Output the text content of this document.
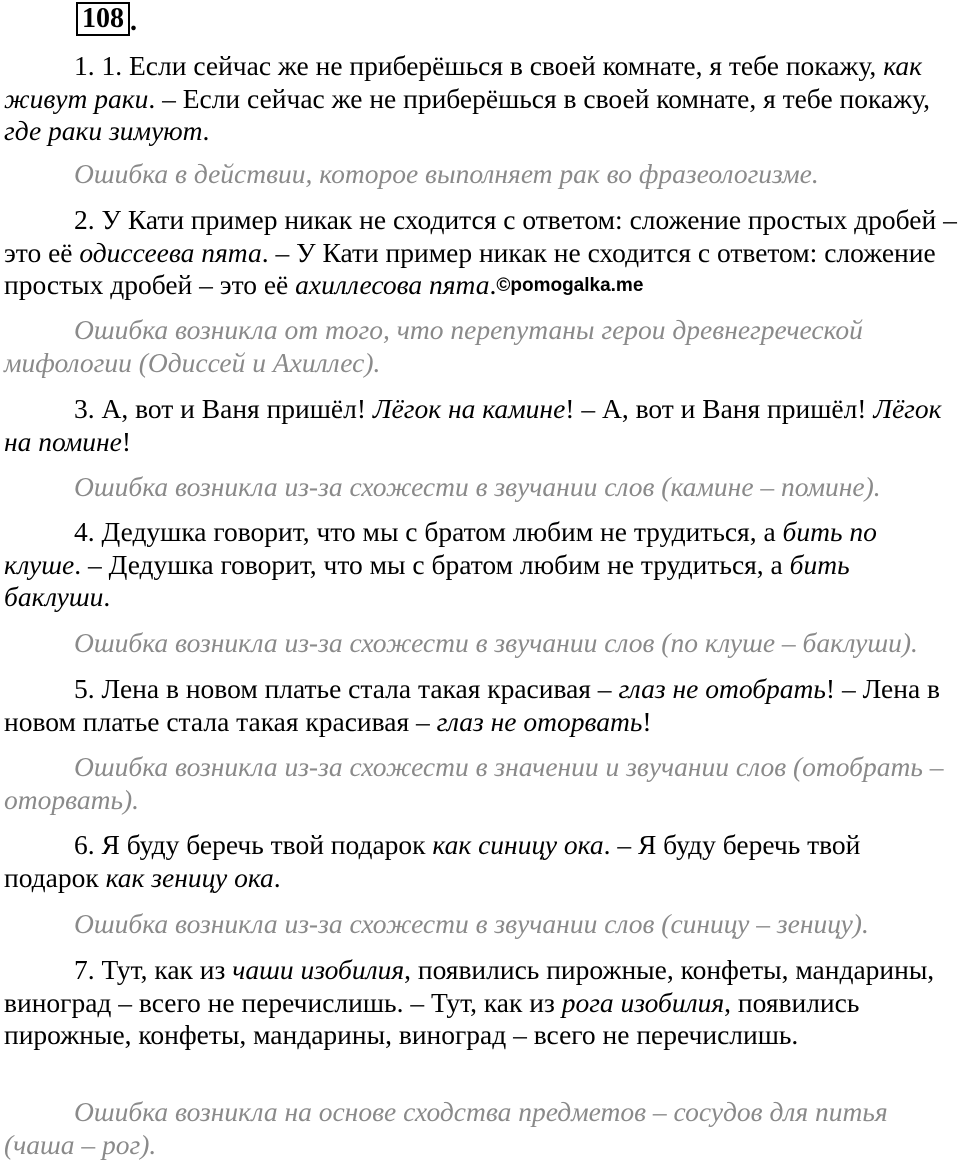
108 .

1. 1. Если сейчас же не приберёшься в своей комнате, я тебе покажу, как живут раки. – Если сейчас же не приберёшься в своей комнате, я тебе покажу, где раки зимуют.

Ошибка в действии, которое выполняет рак во фразеологизме.

2. У Кати пример никак не сходится с ответом: сложение простых дробей – это её одиссеева пята. – У Кати пример никак не сходится с ответом: сложение простых дробей – это её ахиллесова пята.©pomogalka.me

Ошибка возникла от того, что перепутаны герои древнегреческой мифологии (Одиссей и Ахиллес).

3. А, вот и Ваня пришёл! Лёгок на камине! – А, вот и Ваня пришёл! Лёгок на помине!

Ошибка возникла из-за схожести в звучании слов (камине – помине).

4. Дедушка говорит, что мы с братом любим не трудиться, а бить по клуше. – Дедушка говорит, что мы с братом любим не трудиться, а бить баклуши.

Ошибка возникла из-за схожести в звучании слов (по клуше – баклуши).

5. Лена в новом платье стала такая красивая – глаз не отобрать! – Лена в новом платье стала такая красивая – глаз не оторвать!

Ошибка возникла из-за схожести в значении и звучании слов (отобрать – оторвать).

6. Я буду беречь твой подарок как синицу ока. – Я буду беречь твой подарок как зеницу ока.

Ошибка возникла из-за схожести в звучании слов (синицу – зеницу).

7. Тут, как из чаши изобилия, появились пирожные, конфеты, мандарины, виноград – всего не перечислишь. – Тут, как из рога изобилия, появились пирожные, конфеты, мандарины, виноград – всего не перечислишь.

Ошибка возникла на основе сходства предметов – сосудов для питья (чаша – рог).
